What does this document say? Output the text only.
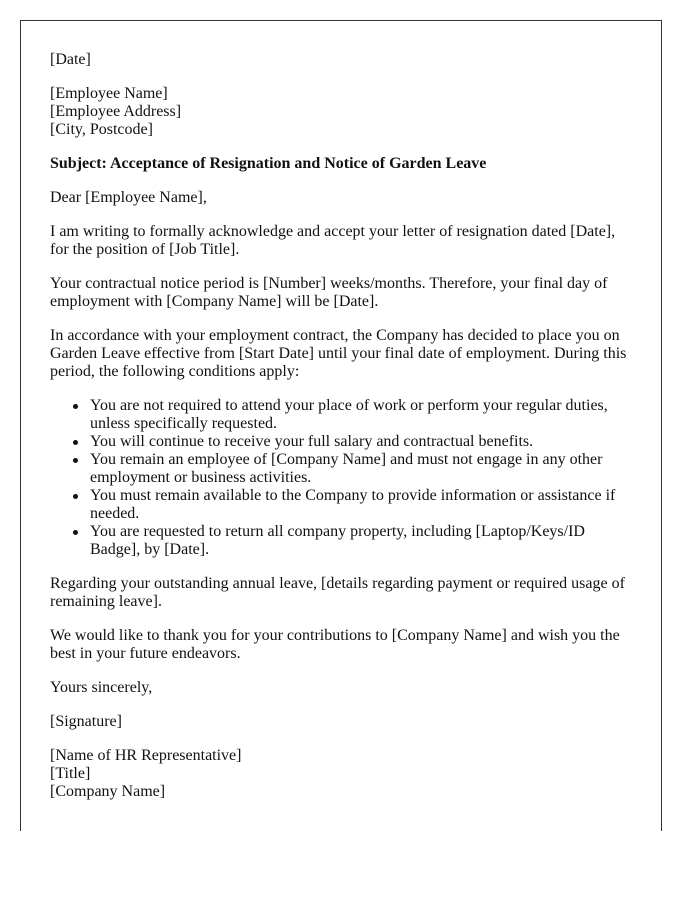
[Date]

[Employee Name]
[Employee Address]
[City, Postcode]

Subject: Acceptance of Resignation and Notice of Garden Leave

Dear [Employee Name],

I am writing to formally acknowledge and accept your letter of resignation dated [Date], for the position of [Job Title].

Your contractual notice period is [Number] weeks/months. Therefore, your final day of employment with [Company Name] will be [Date].

In accordance with your employment contract, the Company has decided to place you on Garden Leave effective from [Start Date] until your final date of employment. During this period, the following conditions apply:

You are not required to attend your place of work or perform your regular duties, unless specifically requested.
You will continue to receive your full salary and contractual benefits.
You remain an employee of [Company Name] and must not engage in any other employment or business activities.
You must remain available to the Company to provide information or assistance if needed.
You are requested to return all company property, including [Laptop/Keys/ID Badge], by [Date].

Regarding your outstanding annual leave, [details regarding payment or required usage of remaining leave].

We would like to thank you for your contributions to [Company Name] and wish you the best in your future endeavors.

Yours sincerely,

[Signature]

[Name of HR Representative]
[Title]
[Company Name]
